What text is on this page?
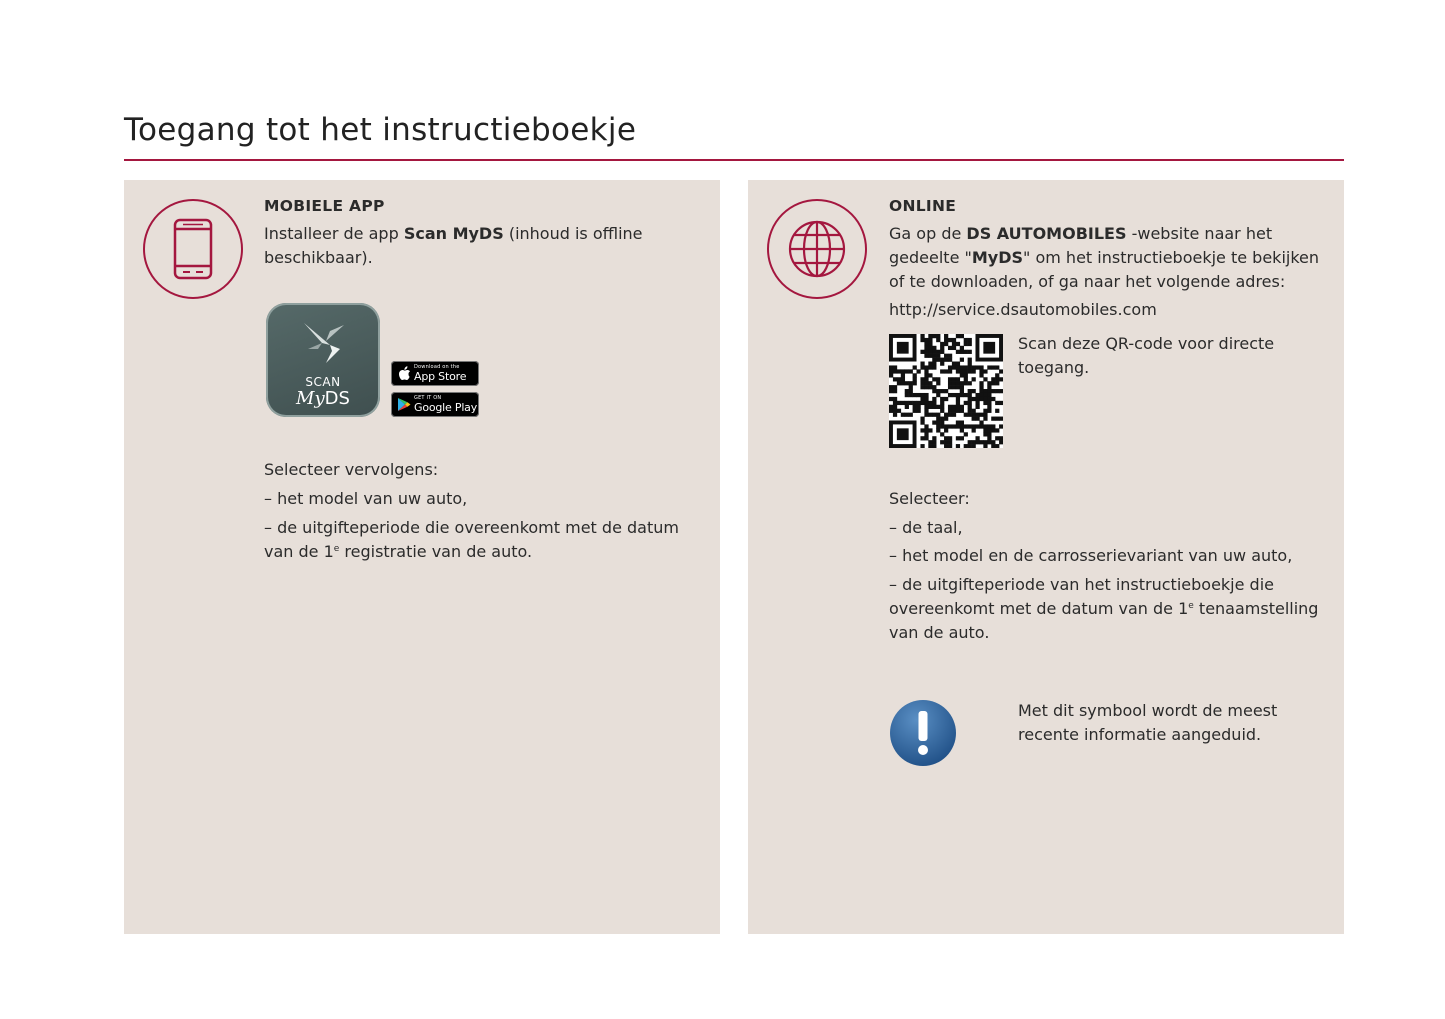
Toegang tot het instructieboekje
MOBIELE APP
Installeer de app Scan MyDS (inhoud is offline beschikbaar).
SCAN
MyDS
Download on the
App Store
GET IT ON
Google Play
Selecteer vervolgens:
– het model van uw auto,
– de uitgifteperiode die overeenkomt met de datum van de 1e registratie van de auto.
ONLINE
Ga op de DS AUTOMOBILES -website naar het gedeelte "MyDS" om het instructieboekje te bekijken of te downloaden, of ga naar het volgende adres:
http://service.dsautomobiles.com
Scan deze QR-code voor directe toegang.
Selecteer:
– de taal,
– het model en de carrosserievariant van uw auto,
– de uitgifteperiode van het instructieboekje die overeenkomt met de datum van de 1e tenaamstelling van de auto.
Met dit symbool wordt de meest recente informatie aangeduid.
